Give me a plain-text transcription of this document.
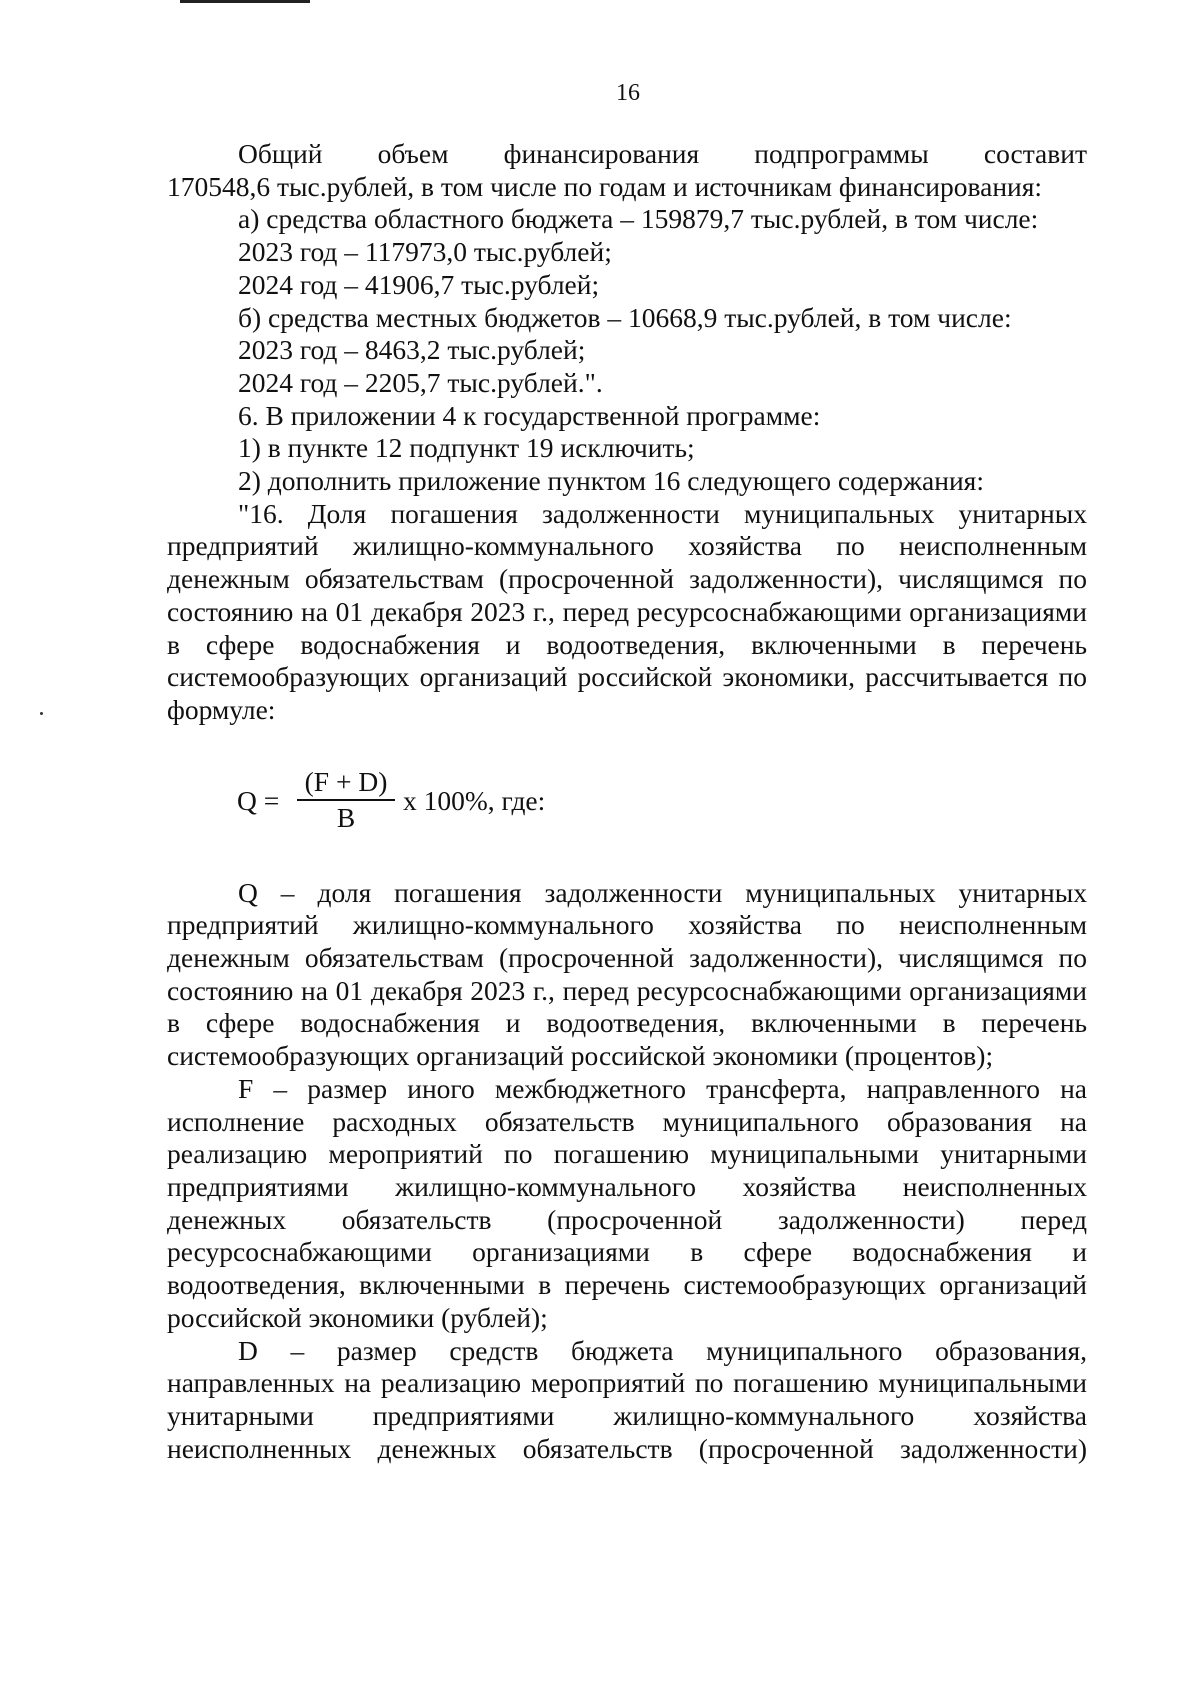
16

Общий объем финансирования подпрограммы составит

170548,6 тыс.рублей, в том числе по годам и источникам финансирования:

а) средства областного бюджета – 159879,7 тыс.рублей, в том числе:

2023 год – 117973,0 тыс.рублей;

2024 год – 41906,7 тыс.рублей;

б) средства местных бюджетов – 10668,9 тыс.рублей, в том числе:

2023 год – 8463,2 тыс.рублей;

2024 год – 2205,7 тыс.рублей.".

6. В приложении 4 к государственной программе:

1) в пункте 12 подпункт 19 исключить;

2) дополнить приложение пунктом 16 следующего содержания:

"16. Доля погашения задолженности муниципальных унитарных предприятий жилищно-коммунального хозяйства по неисполненным денежным обязательствам (просроченной задолженности), числящимся по состоянию на 01 декабря 2023 г., перед ресурсоснабжающими организациями в сфере водоснабжения и водоотведения, включенными в перечень системообразующих организаций российской экономики, рассчитывается по формуле:

Q =
(F + D)
B
х 100%, где:

Q – доля погашения задолженности муниципальных унитарных предприятий жилищно-коммунального хозяйства по неисполненным денежным обязательствам (просроченной задолженности), числящимся по состоянию на 01 декабря 2023 г., перед ресурсоснабжающими организациями в сфере водоснабжения и водоотведения, включенными в перечень системообразующих организаций российской экономики (процентов);

F – размер иного межбюджетного трансферта, направленного на исполнение расходных обязательств муниципального образования на реализацию мероприятий по погашению муниципальными унитарными предприятиями жилищно-коммунального хозяйства неисполненных денежных обязательств (просроченной задолженности) перед ресурсоснабжающими организациями в сфере водоснабжения и водоотведения, включенными в перечень системообразующих организаций российской экономики (рублей);

D – размер средств бюджета муниципального образования, направленных на реализацию мероприятий по погашению муниципальными унитарными предприятиями жилищно-коммунального хозяйства неисполненных денежных обязательств (просроченной задолженности)
